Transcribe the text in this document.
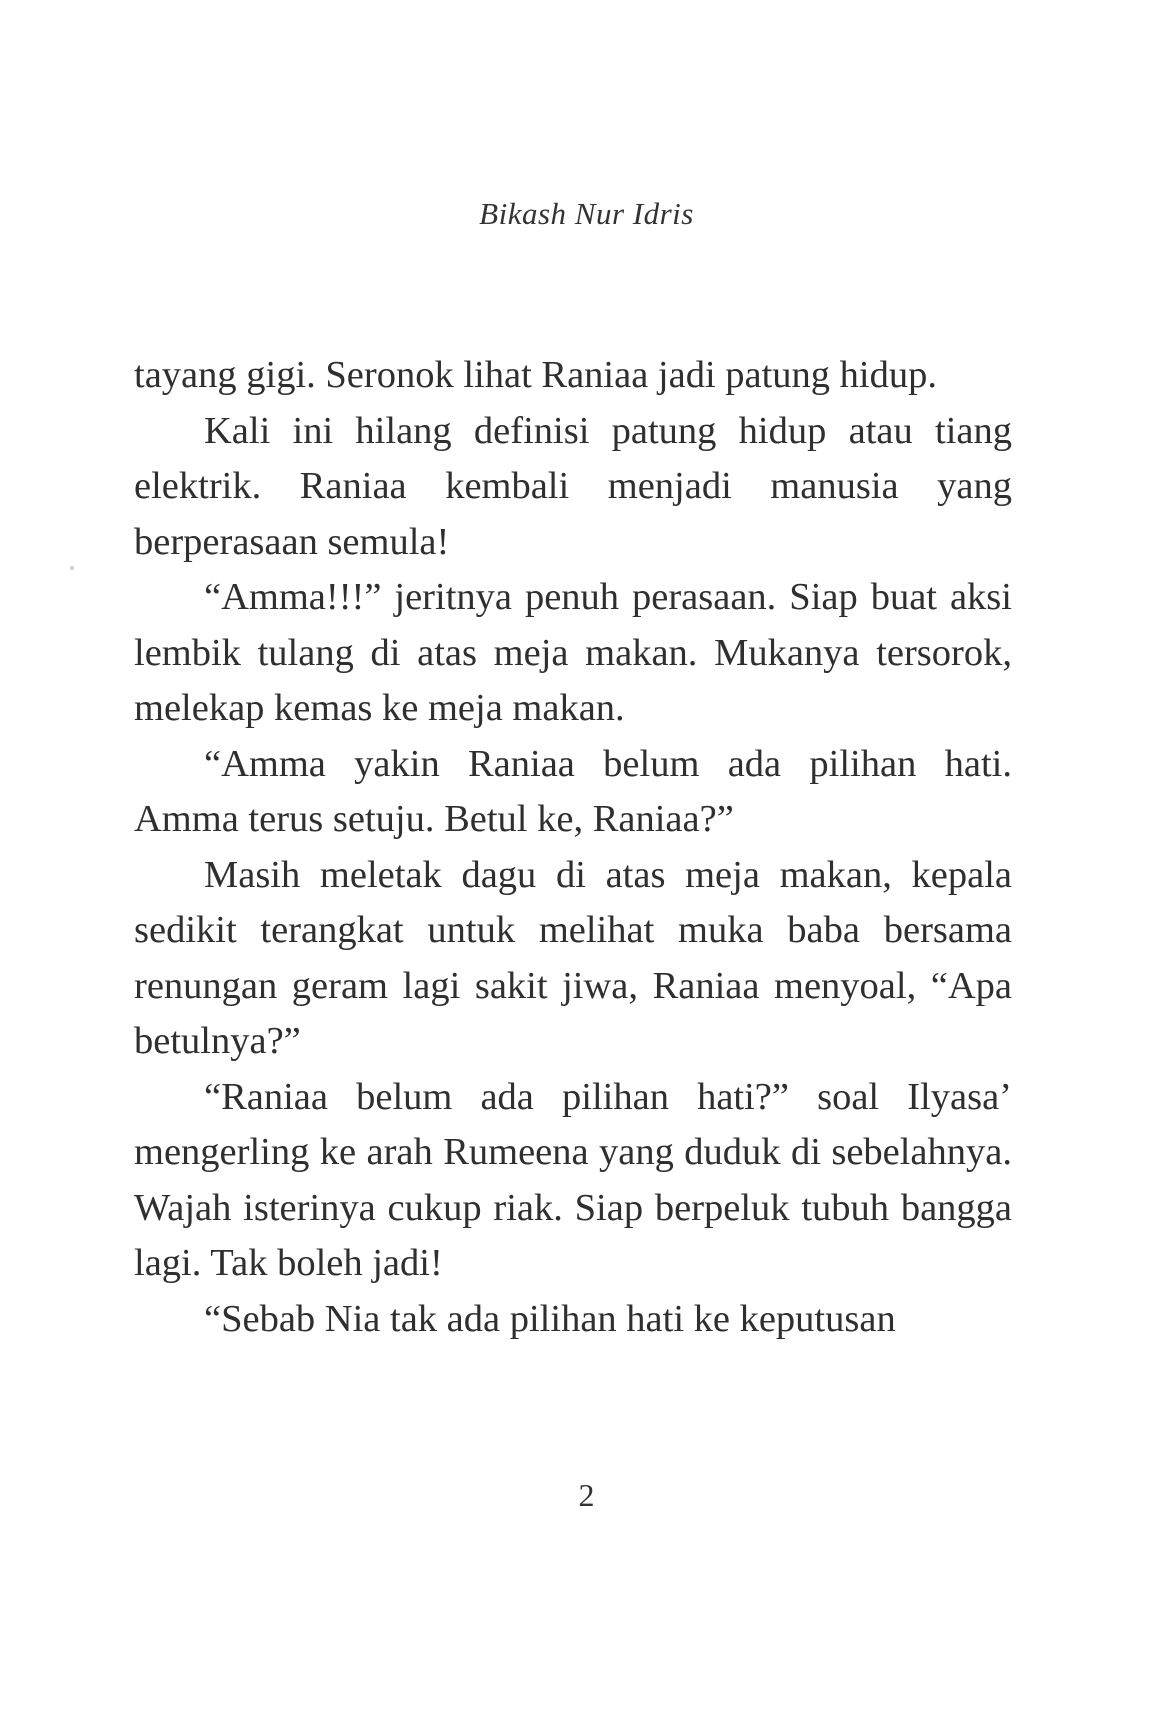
Bikash Nur Idris

tayang gigi. Seronok lihat Raniaa jadi patung hidup.

Kali ini hilang definisi patung hidup atau tiang elektrik. Raniaa kembali menjadi manusia yang berperasaan semula!

“Amma!!!” jeritnya penuh perasaan. Siap buat aksi lembik tulang di atas meja makan. Mukanya tersorok, melekap kemas ke meja makan.

“Amma yakin Raniaa belum ada pilihan hati. Amma terus setuju. Betul ke, Raniaa?”

Masih meletak dagu di atas meja makan, kepala sedikit terangkat untuk melihat muka baba bersama renungan geram lagi sakit jiwa, Raniaa menyoal, “Apa betulnya?”

“Raniaa belum ada pilihan hati?” soal Ilyasa’ mengerling ke arah Rumeena yang duduk di sebelahnya. Wajah isterinya cukup riak. Siap berpeluk tubuh bangga lagi. Tak boleh jadi!

“Sebab Nia tak ada pilihan hati ke keputusan

2
